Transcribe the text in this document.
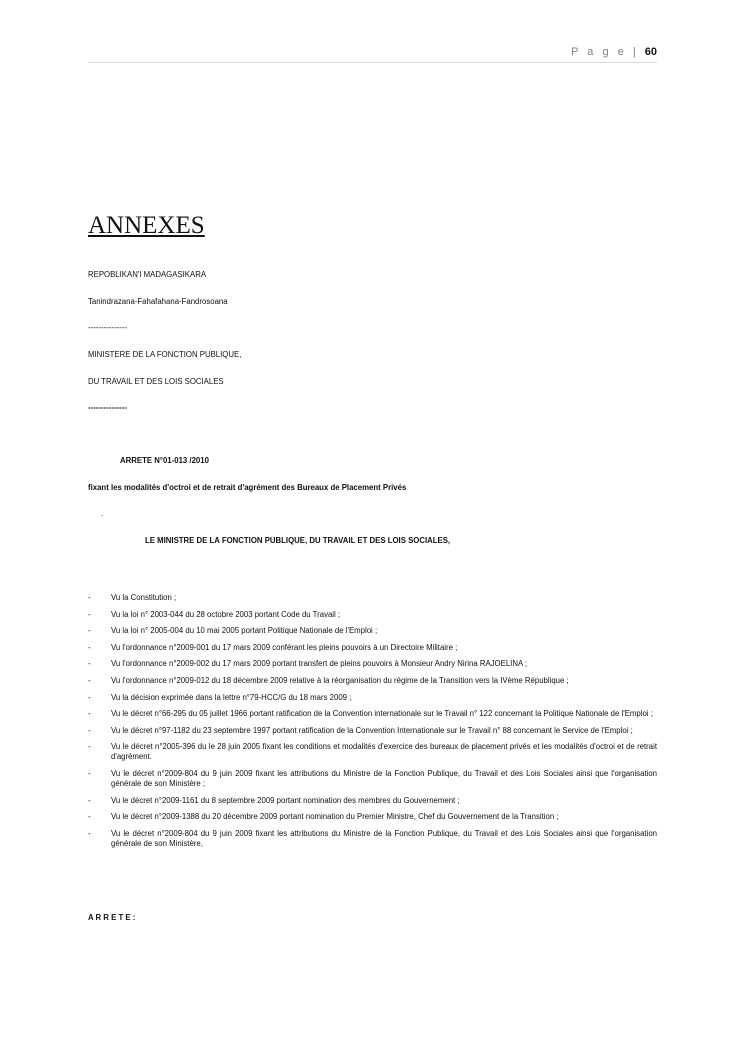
P a g e | 60
ANNEXES
REPOBLIKAN'I MADAGASIKARA
Tanindrazana-Fahafahana-Fandrosoana
---------------
MINISTERE DE LA FONCTION PUBLIQUE,
DU TRAVAIL ET DES LOIS SOCIALES
---------------
ARRETE N°01-013 /2010
fixant les modalités d'octroi et de retrait d'agrément des Bureaux de Placement Privés
.
LE MINISTRE DE LA FONCTION PUBLIQUE, DU TRAVAIL ET DES LOIS SOCIALES,
-	Vu la Constitution ;
-	Vu la loi n° 2003-044 du 28 octobre 2003 portant Code du Travail ;
-	Vu la loi n° 2005-004 du 10 mai 2005 portant Politique Nationale de l'Emploi ;
-	Vu l'ordonnance n°2009-001 du 17 mars 2009 conférant les pleins pouvoirs à un Directoire Militaire ;
-	Vu l'ordonnance n°2009-002 du 17 mars 2009 portant transfert de pleins pouvoirs à Monsieur Andry Nirina RAJOELINA ;
-	Vu l'ordonnance n°2009-012 du 18 décembre 2009 relative à la réorganisation du régime de la Transition vers la IVème République ;
-	Vu la décision exprimée dans la lettre n°79-HCC/G du 18 mars 2009 ;
-	Vu le décret n°66-295 du 05 juillet 1966 portant ratification de la Convention internationale sur le Travail n° 122 concernant la Politique Nationale de l'Emploi ;
-	Vu le décret n°97-1182 du 23 septembre 1997 portant ratification de la Convention Internationale sur le Travail n° 88 concernant le Service de l'Emploi ;
-	Vu le décret n°2005-396 du le 28 juin 2005 fixant les conditions et modalités d'exercice des bureaux de placement privés et les modalités d'octroi et de retrait d'agrément.
-	Vu le décret n°2009-804 du 9 juin 2009 fixant les attributions du Ministre de la Fonction Publique, du Travail et des Lois Sociales ainsi que l'organisation générale de son Ministère ;
-	Vu le décret n°2009-1161 du 8 septembre 2009 portant nomination des membres du Gouvernement ;
-	Vu le décret n°2009-1388 du 20 décembre 2009 portant nomination du Premier Ministre, Chef du Gouvernement de la Transition ;
-	Vu le décret n°2009-804 du 9 juin 2009 fixant les attributions du Ministre de la Fonction Publique, du Travail et des Lois Sociales ainsi que l'organisation générale de son Ministère,
A R R E T E :
